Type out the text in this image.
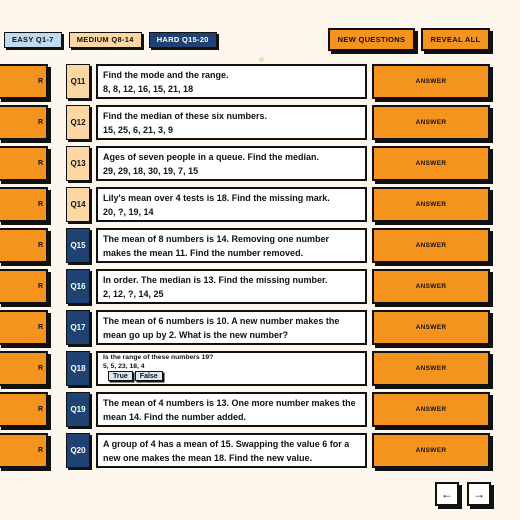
EASY Q1-7	MEDIUM Q8-14	HARD Q15-20	NEW QUESTIONS	REVEAL ALL
R	Q11
Find the mode and the range.
8, 8, 12, 16, 15, 21, 18
ANSWER
R	Q12
Find the median of these six numbers.
15, 25, 6, 21, 3, 9
ANSWER
R	Q13
Ages of seven people in a queue. Find the median.
29, 29, 18, 30, 19, 7, 15
ANSWER
R	Q14
Lily's mean over 4 tests is 18. Find the missing mark.
20, ?, 19, 14
ANSWER
R	Q15
The mean of 8 numbers is 14. Removing one number
makes the mean 11. Find the number removed.
ANSWER
R	Q16
In order. The median is 13. Find the missing number.
2, 12, ?, 14, 25
ANSWER
R	Q17
The mean of 6 numbers is 10. A new number makes the
mean go up by 2. What is the new number?
ANSWER
R	Q18
Is the range of these numbers 19?
5, 5, 23, 18, 4
True	False
ANSWER
R	Q19
The mean of 4 numbers is 13. One more number makes the
mean 14. Find the number added.
ANSWER
R	Q20
A group of 4 has a mean of 15. Swapping the value 6 for a
new one makes the mean 18. Find the new value.
ANSWER
← →
